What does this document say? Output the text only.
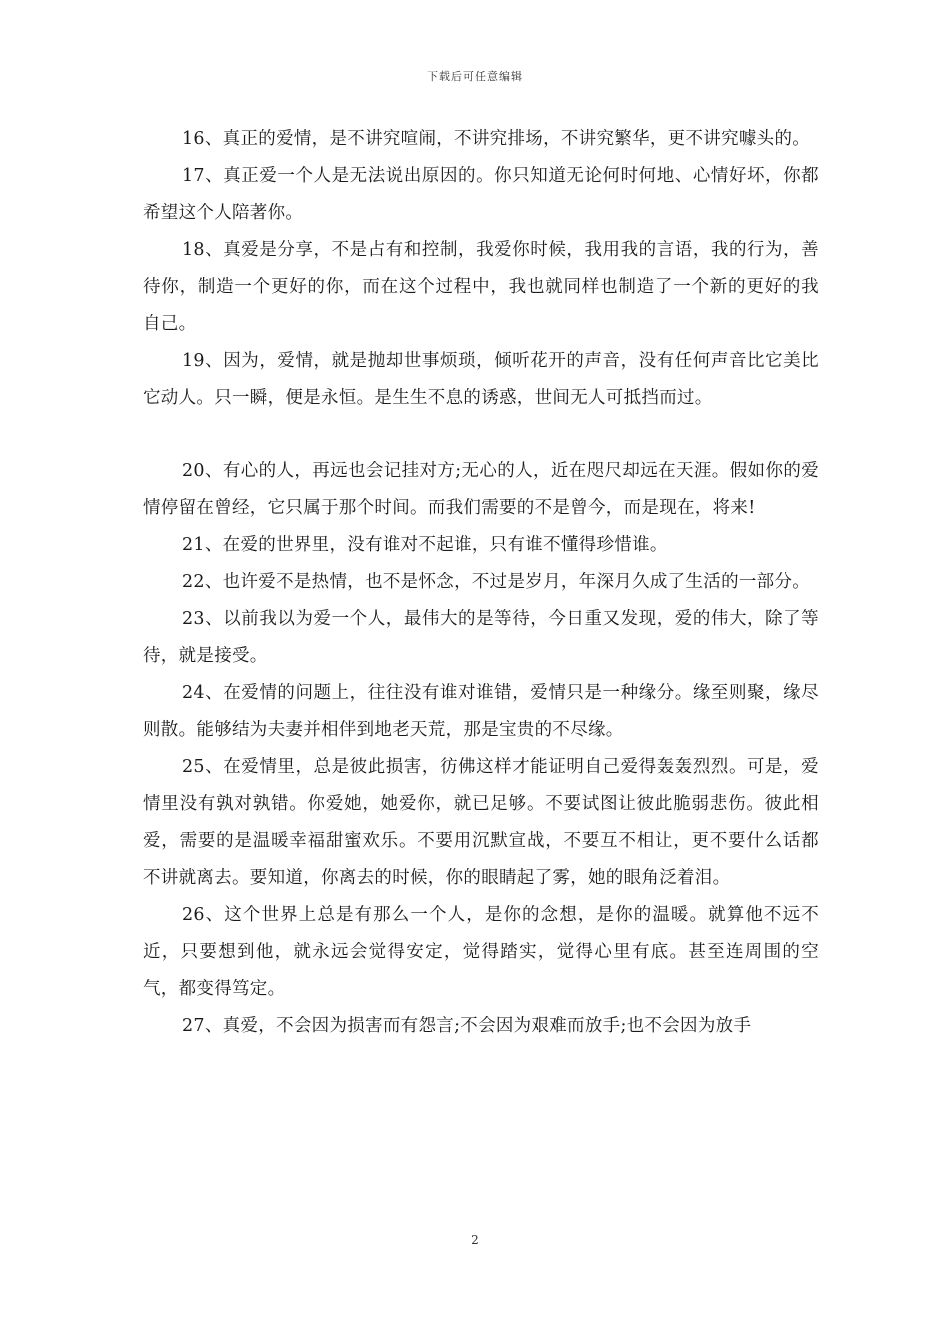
下载后可任意编辑

16、真正的爱情，是不讲究喧闹，不讲究排场，不讲究繁华，更不讲究噱头的。

17、真正爱一个人是无法说出原因的。你只知道无论何时何地、心情好坏，你都希望这个人陪著你。

18、真爱是分享，不是占有和控制，我爱你时候，我用我的言语，我的行为，善待你，制造一个更好的你，而在这个过程中，我也就同样也制造了一个新的更好的我自己。

19、因为，爱情，就是抛却世事烦琐，倾听花开的声音，没有任何声音比它美比它动人。只一瞬，便是永恒。是生生不息的诱惑，世间无人可抵挡而过。

20、有心的人，再远也会记挂对方;无心的人，近在咫尺却远在天涯。假如你的爱情停留在曾经，它只属于那个时间。而我们需要的不是曾今，而是现在，将来!

21、在爱的世界里，没有谁对不起谁，只有谁不懂得珍惜谁。

22、也许爱不是热情，也不是怀念，不过是岁月，年深月久成了生活的一部分。

23、以前我以为爱一个人，最伟大的是等待，今日重又发现，爱的伟大，除了等待，就是接受。

24、在爱情的问题上，往往没有谁对谁错，爱情只是一种缘分。缘至则聚，缘尽则散。能够结为夫妻并相伴到地老天荒，那是宝贵的不尽缘。

25、在爱情里，总是彼此损害，彷佛这样才能证明自己爱得轰轰烈烈。可是，爱情里没有孰对孰错。你爱她，她爱你，就已足够。不要试图让彼此脆弱悲伤。彼此相爱，需要的是温暖幸福甜蜜欢乐。不要用沉默宣战，不要互不相让，更不要什么话都不讲就离去。要知道，你离去的时候，你的眼睛起了雾，她的眼角泛着泪。

26、这个世界上总是有那么一个人，是你的念想，是你的温暖。就算他不远不近，只要想到他，就永远会觉得安定，觉得踏实，觉得心里有底。甚至连周围的空气，都变得笃定。

27、真爱，不会因为损害而有怨言;不会因为艰难而放手;也不会因为放手

2
